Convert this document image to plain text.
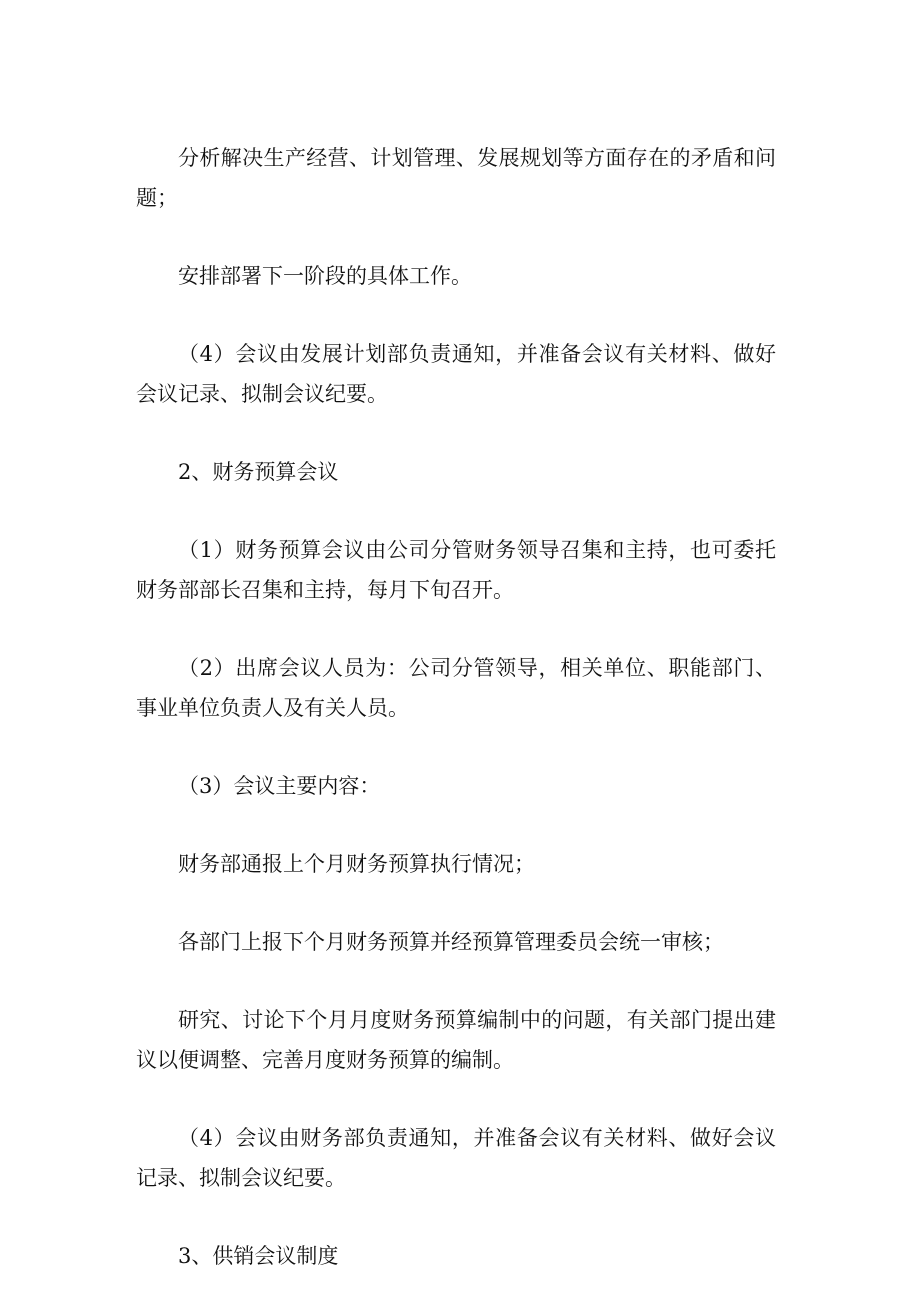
分析解决生产经营、计划管理、发展规划等方面存在的矛盾和问题；

安排部署下一阶段的具体工作。

（4）会议由发展计划部负责通知，并准备会议有关材料、做好会议记录、拟制会议纪要。

2、财务预算会议

（1）财务预算会议由公司分管财务领导召集和主持，也可委托财务部部长召集和主持，每月下旬召开。

（2）出席会议人员为：公司分管领导，相关单位、职能部门、事业单位负责人及有关人员。

（3）会议主要内容：

财务部通报上个月财务预算执行情况；

各部门上报下个月财务预算并经预算管理委员会统一审核；

研究、讨论下个月月度财务预算编制中的问题，有关部门提出建议以便调整、完善月度财务预算的编制。

（4）会议由财务部负责通知，并准备会议有关材料、做好会议记录、拟制会议纪要。

3、供销会议制度
